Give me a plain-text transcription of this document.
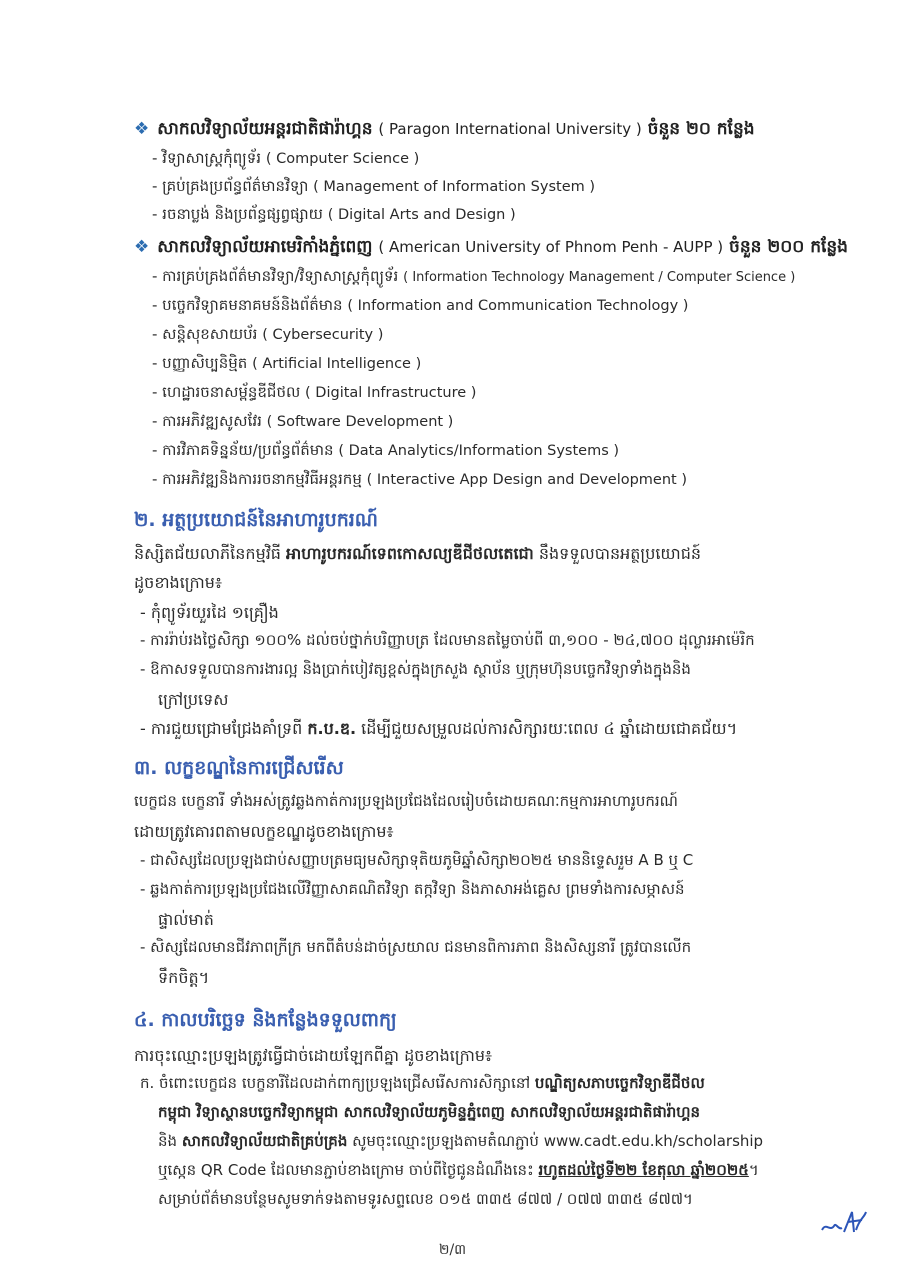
❖ សាកលវិទ្យាល័យអន្តរជាតិផារ៉ាហ្គន ( Paragon International University ) ចំនួន ២០ កន្លែង
- វិទ្យាសាស្ត្រកុំព្យូទ័រ ( Computer Science )
- គ្រប់គ្រងប្រព័ន្ធព័ត៌មានវិទ្យា ( Management of Information System )
- រចនាប្លង់ និងប្រព័ន្ធផ្សព្វផ្សាយ ( Digital Arts and Design )
❖ សាកលវិទ្យាល័យអាមេរិកាំងភ្នំពេញ ( American University of Phnom Penh - AUPP ) ចំនួន ២០០ កន្លែង
- ការគ្រប់គ្រងព័ត៌មានវិទ្យា/វិទ្យាសាស្ត្រកុំព្យូទ័រ ( Information Technology Management / Computer Science )
- បច្ចេកវិទ្យាគមនាគមន៍និងព័ត៌មាន ( Information and Communication Technology )
- សន្តិសុខសាយប័រ ( Cybersecurity )
- បញ្ញាសិប្បនិម្មិត ( Artificial Intelligence )
- ហេដ្ឋារចនាសម្ព័ន្ធឌីជីថល ( Digital Infrastructure )
- ការអភិវឌ្ឍសូសវែរ ( Software Development )
- ការវិភាគទិន្នន័យ/ប្រព័ន្ធព័ត៌មាន ( Data Analytics/Information Systems )
- ការអភិវឌ្ឍនិងការរចនាកម្មវិធីអន្តរកម្ម ( Interactive App Design and Development )
២. អត្ថប្រយោជន៍នៃអាហារូបករណ៍
និស្សិតជ័យលាភីនៃកម្មវិធី អាហារូបករណ៍ទេពកោសល្យឌីជីថលតេជោ នឹងទទួលបានអត្ថប្រយោជន៍
ដូចខាងក្រោម៖
- កុំព្យូទ័រយួរដៃ ១គ្រឿង
- ការរ៉ាប់រងថ្លៃសិក្សា ១០០% ដល់ចប់ថ្នាក់បរិញ្ញាបត្រ ដែលមានតម្លៃចាប់ពី ៣,១០០ - ២៤,៧០០ ដុល្លារអាម៉េរិក
- ឱកាសទទួលបានការងារល្អ និងប្រាក់បៀវត្សខ្ពស់ក្នុងក្រសួង ស្ថាប័ន ឬក្រុមហ៊ុនបច្ចេកវិទ្យាទាំងក្នុងនិង
ក្រៅប្រទេស
- ការជួយជ្រោមជ្រែងគាំទ្រពី ក.ប.ឌ. ដើម្បីជួយសម្រួលដល់ការសិក្សារយៈពេល ៤ ឆ្នាំដោយជោគជ័យ។
៣. លក្ខខណ្ឌនៃការជ្រើសរើស
បេក្ខជន បេក្ខនារី ទាំងអស់ត្រូវឆ្លងកាត់ការប្រឡងប្រជែងដែលរៀបចំដោយគណៈកម្មការអាហារូបករណ៍
ដោយត្រូវគោរពតាមលក្ខខណ្ឌដូចខាងក្រោម៖
- ជាសិស្សដែលប្រឡងជាប់សញ្ញាបត្រមធ្យមសិក្សាទុតិយភូមិឆ្នាំសិក្សា២០២៥ មាននិទ្ទេសរួម A B ឬ C
- ឆ្លងកាត់ការប្រឡងប្រជែងលើវិញ្ញាសាគណិតវិទ្យា តក្កវិទ្យា និងភាសាអង់គ្លេស ព្រមទាំងការសម្ភាសន៍
ផ្ទាល់មាត់
- សិស្សដែលមានជីវភាពក្រីក្រ មកពីតំបន់ដាច់ស្រយាល ជនមានពិការភាព និងសិស្សនារី ត្រូវបានលើក
ទឹកចិត្ត។
៤. កាលបរិច្ឆេទ និងកន្លែងទទួលពាក្យ
ការចុះឈ្មោះប្រឡងត្រូវធ្វើជាច់ដោយឡែកពីគ្នា ដូចខាងក្រោម៖
ក. ចំពោះបេក្ខជន បេក្ខនារីដែលដាក់ពាក្យប្រឡងជ្រើសរើសការសិក្សានៅ បណ្ឌិត្យសភាបច្ចេកវិទ្យាឌីជីថល
កម្ពុជា វិទ្យាស្ថានបច្ចេកវិទ្យាកម្ពុជា សាកលវិទ្យាល័យភូមិន្ទភ្នំពេញ សាកលវិទ្យាល័យអន្តរជាតិផារ៉ាហ្គន
និង សាកលវិទ្យាល័យជាតិគ្រប់គ្រង សូមចុះឈ្មោះប្រឡងតាមតំណភ្ជាប់ www.cadt.edu.kh/scholarship
ឬស្កេន QR Code ដែលមានភ្ជាប់ខាងក្រោម ចាប់ពីថ្ងៃជូនដំណឹងនេះ រហូតដល់ថ្ងៃទី២២ ខែតុលា ឆ្នាំ២០២៥។
សម្រាប់ព័ត៌មានបន្ថែមសូមទាក់ទងតាមទូរសព្ទលេខ ០១៥ ៣៣៥ ៨៧៧ / ០៧៧ ៣៣៥ ៨៧៧។
២/៣
